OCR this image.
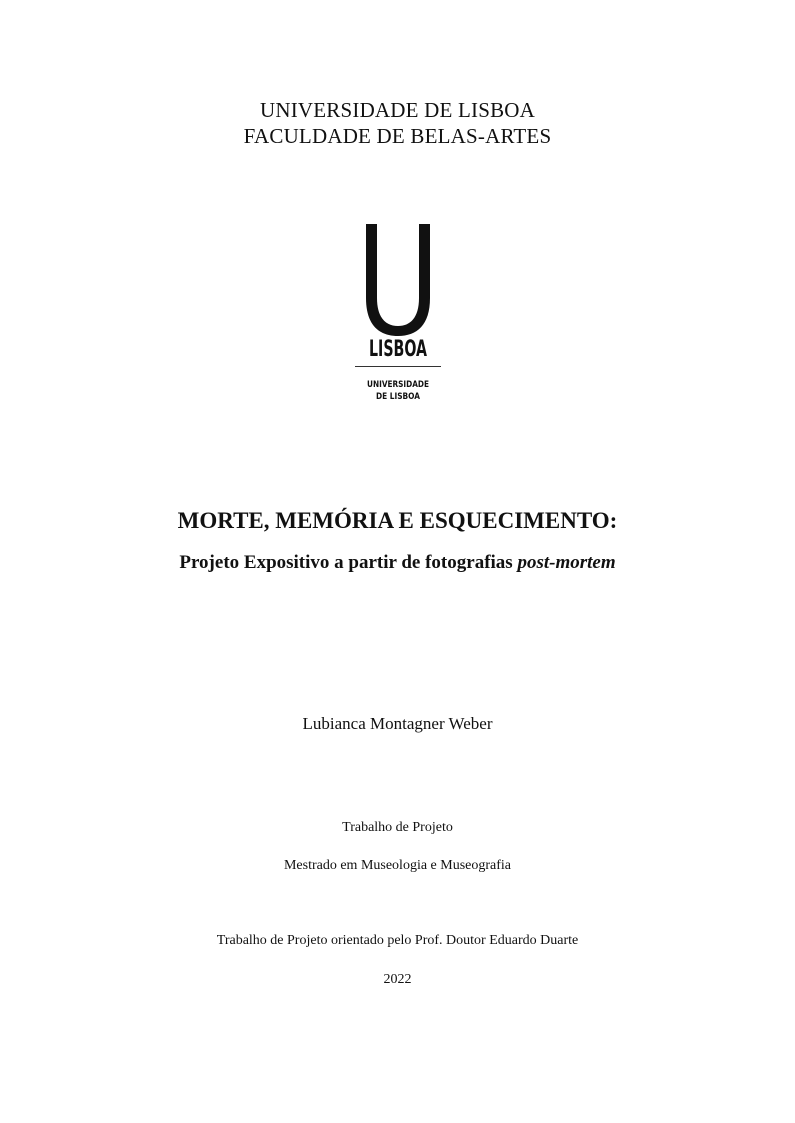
UNIVERSIDADE DE LISBOA
FACULDADE DE BELAS-ARTES
LISBOA
UNIVERSIDADE
DE LISBOA
MORTE, MEMÓRIA E ESQUECIMENTO:
Projeto Expositivo a partir de fotografias post-mortem
Lubianca Montagner Weber
Trabalho de Projeto
Mestrado em Museologia e Museografia
Trabalho de Projeto orientado pelo Prof. Doutor Eduardo Duarte
2022
